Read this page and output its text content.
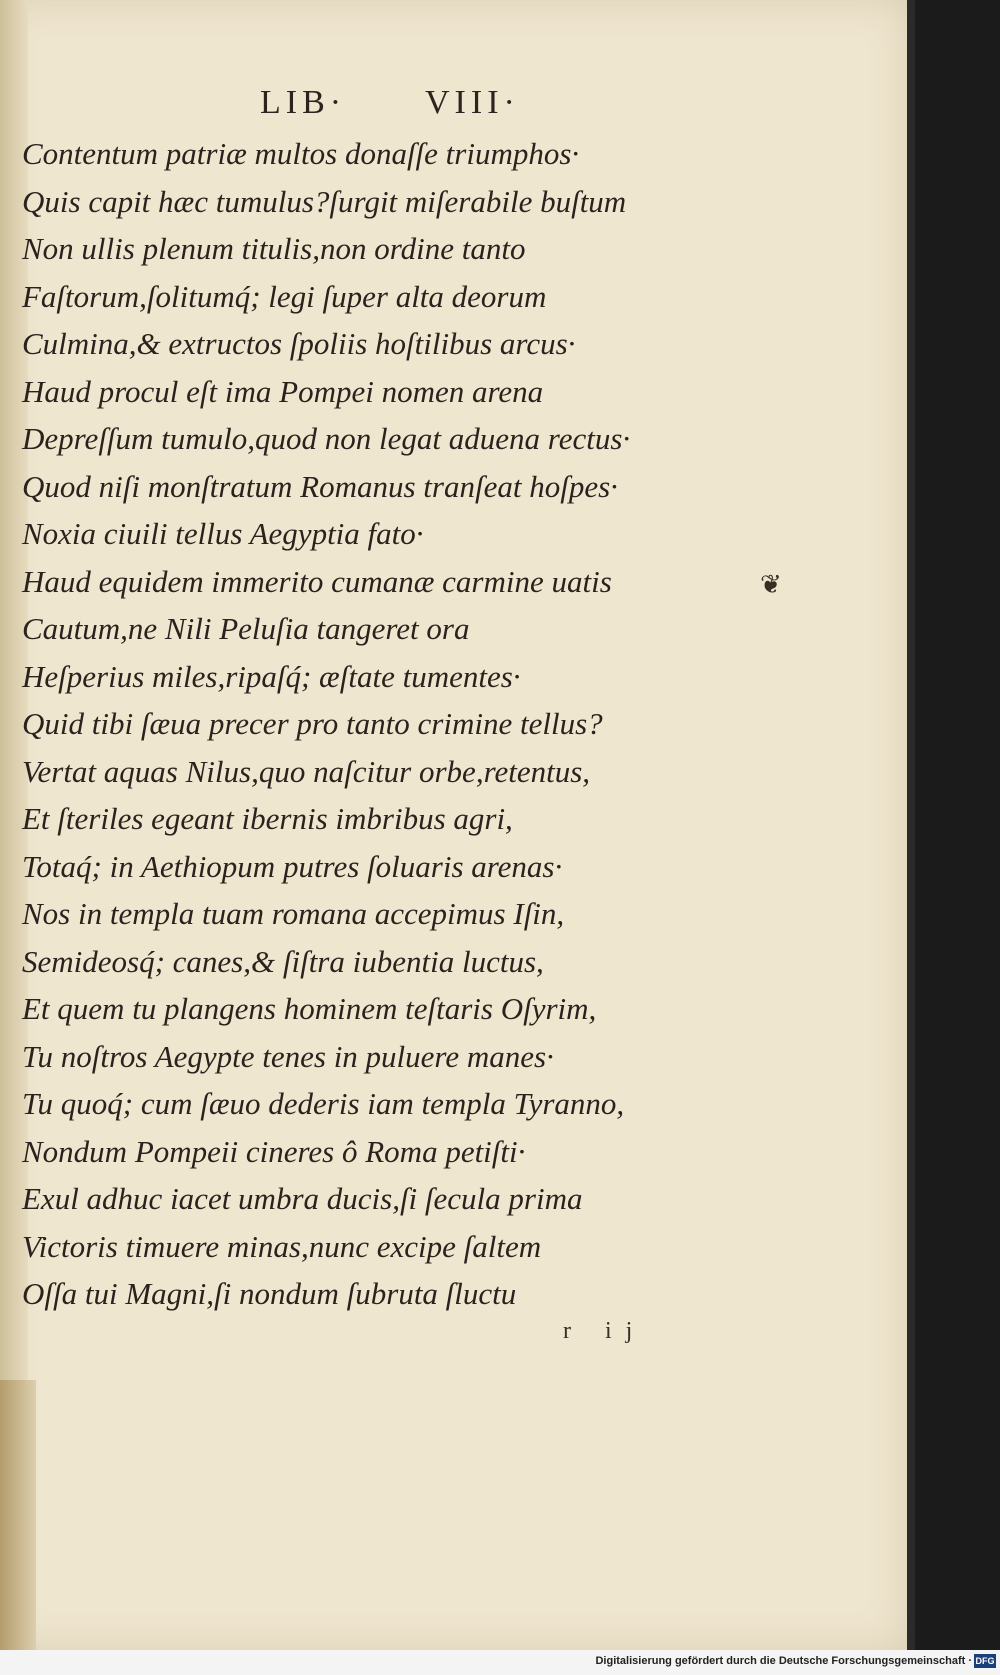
LIB· VIII·
Contentum patriæ multos donaſſe triumphos·
Quis capit hæc tumulus?ſurgit miſerabile buſtum
Non ullis plenum titulis,non ordine tanto
Faſtorum,ſolitumq́; legi ſuper alta deorum
Culmina,& extructos ſpoliis hoſtilibus arcus·
Haud procul eſt ima Pompei nomen arena
Depreſſum tumulo,quod non legat aduena rectus·
Quod niſi monſtratum Romanus tranſeat hoſpes·
Noxia ciuili tellus Aegyptia fato·
Haud equidem immerito cumanæ carmine uatis
Cautum,ne Nili Peluſia tangeret ora
Heſperius miles,ripaſq́; æſtate tumentes·
Quid tibi ſæua precer pro tanto crimine tellus?
Vertat aquas Nilus,quo naſcitur orbe,retentus,
Et ſteriles egeant ibernis imbribus agri,
Totaq́; in Aethiopum putres ſoluaris arenas·
Nos in templa tuam romana accepimus Iſin,
Semideosq́; canes,& ſiſtra iubentia luctus,
Et quem tu plangens hominem teſtaris Oſyrim,
Tu noſtros Aegypte tenes in puluere manes·
Tu quoq́; cum ſæuo dederis iam templa Tyranno,
Nondum Pompeii cineres ô Roma petiſti·
Exul adhuc iacet umbra ducis,ſi ſecula prima
Victoris timuere minas,nunc excipe ſaltem
Oſſa tui Magni,ſi nondum ſubruta ſluctu
❦
r ij
Digitalisierung gefördert durch die Deutsche Forschungsgemeinschaft · DFG
